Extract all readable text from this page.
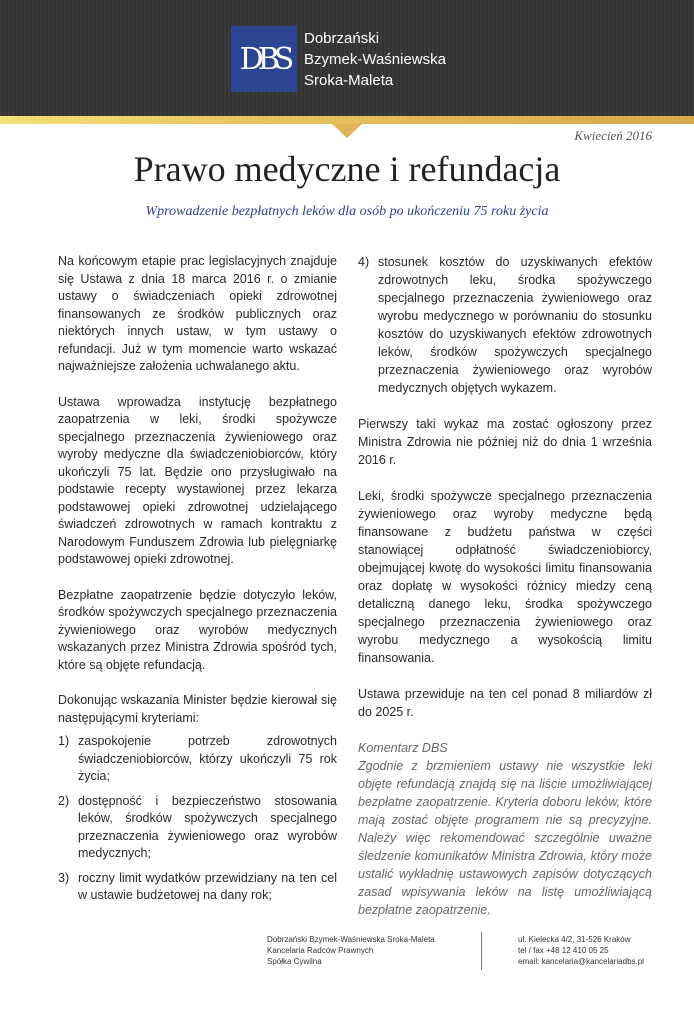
DBS
Dobrzański
Bzymek-Waśniewska
Sroka-Maleta
Kwiecień 2016
Prawo medyczne i refundacja
Wprowadzenie bezpłatnych leków dla osób po ukończeniu 75 roku życia

Na końcowym etapie prac legislacyjnych znajduje się Ustawa z dnia 18 marca 2016 r. o zmianie ustawy o świadczeniach opieki zdrowotnej finansowanych ze środków publicznych oraz niektórych innych ustaw, w tym ustawy o refundacji. Już w tym momencie warto wskazać najważniejsze założenia uchwalanego aktu.

Ustawa wprowadza instytucję bezpłatnego zaopatrzenia w leki, środki spożywcze specjalnego przeznaczenia żywieniowego oraz wyroby medyczne dla świadczeniobiorców, który ukończyli 75 lat. Będzie ono przysługiwało na podstawie recepty wystawionej przez lekarza podstawowej opieki zdrowotnej udzielającego świadczeń zdrowotnych w ramach kontraktu z Narodowym Funduszem Zdrowia lub pielęgniarkę podstawowej opieki zdrowotnej.

Bezpłatne zaopatrzenie będzie dotyczyło leków, środków spożywczych specjalnego przeznaczenia żywieniowego oraz wyrobów medycznych wskazanych przez Ministra Zdrowia spośród tych, które są objęte refundacją.

Dokonując wskazania Minister będzie kierował się następującymi kryteriami:

1) zaspokojenie potrzeb zdrowotnych świadczeniobiorców, którzy ukończyli 75 rok życia;
2) dostępność i bezpieczeństwo stosowania leków, środków spożywczych specjalnego przeznaczenia żywieniowego oraz wyrobów medycznych;
3) roczny limit wydatków przewidziany na ten cel w ustawie budżetowej na dany rok;
4) stosunek kosztów do uzyskiwanych efektów zdrowotnych leku, środka spożywczego specjalnego przeznaczenia żywieniowego oraz wyrobu medycznego w porównaniu do stosunku kosztów do uzyskiwanych efektów zdrowotnych leków, środków spożywczych specjalnego przeznaczenia żywieniowego oraz wyrobów medycznych objętych wykazem.

Pierwszy taki wykaz ma zostać ogłoszony przez Ministra Zdrowia nie później niż do dnia 1 września 2016 r.

Leki, środki spożywcze specjalnego przeznaczenia żywieniowego oraz wyroby medyczne będą finansowane z budżetu państwa w części stanowiącej odpłatność świadczeniobiorcy, obejmującej kwotę do wysokości limitu finansowania oraz dopłatę w wysokości różnicy miedzy ceną detaliczną danego leku, środka spożywczego specjalnego przeznaczenia żywieniowego oraz wyrobu medycznego a wysokością limitu finansowania.

Ustawa przewiduje na ten cel ponad 8 miliardów zł do 2025 r.

Komentarz DBS
Zgodnie z brzmieniem ustawy nie wszystkie leki objęte refundacją znajdą się na liście umożliwiającej bezpłatne zaopatrzenie. Kryteria doboru leków, które mają zostać objęte programem nie są precyzyjne. Należy więc rekomendować szczególnie uważne śledzenie komunikatów Ministra Zdrowia, który może ustalić wykładnię ustawowych zapisów dotyczących zasad wpisywania leków na listę umożliwiającą bezpłatne zaopatrzenie.
Dobrzański Bzymek-Waśniewska Sroka-Maleta
Kancelaria Radców Prawnych
Spółka Cywilna
ul. Kielecka 4/2, 31-526 Kraków
tel / fax +48 12 410 05 25
email: kancelaria@kancelariadbs.pl
